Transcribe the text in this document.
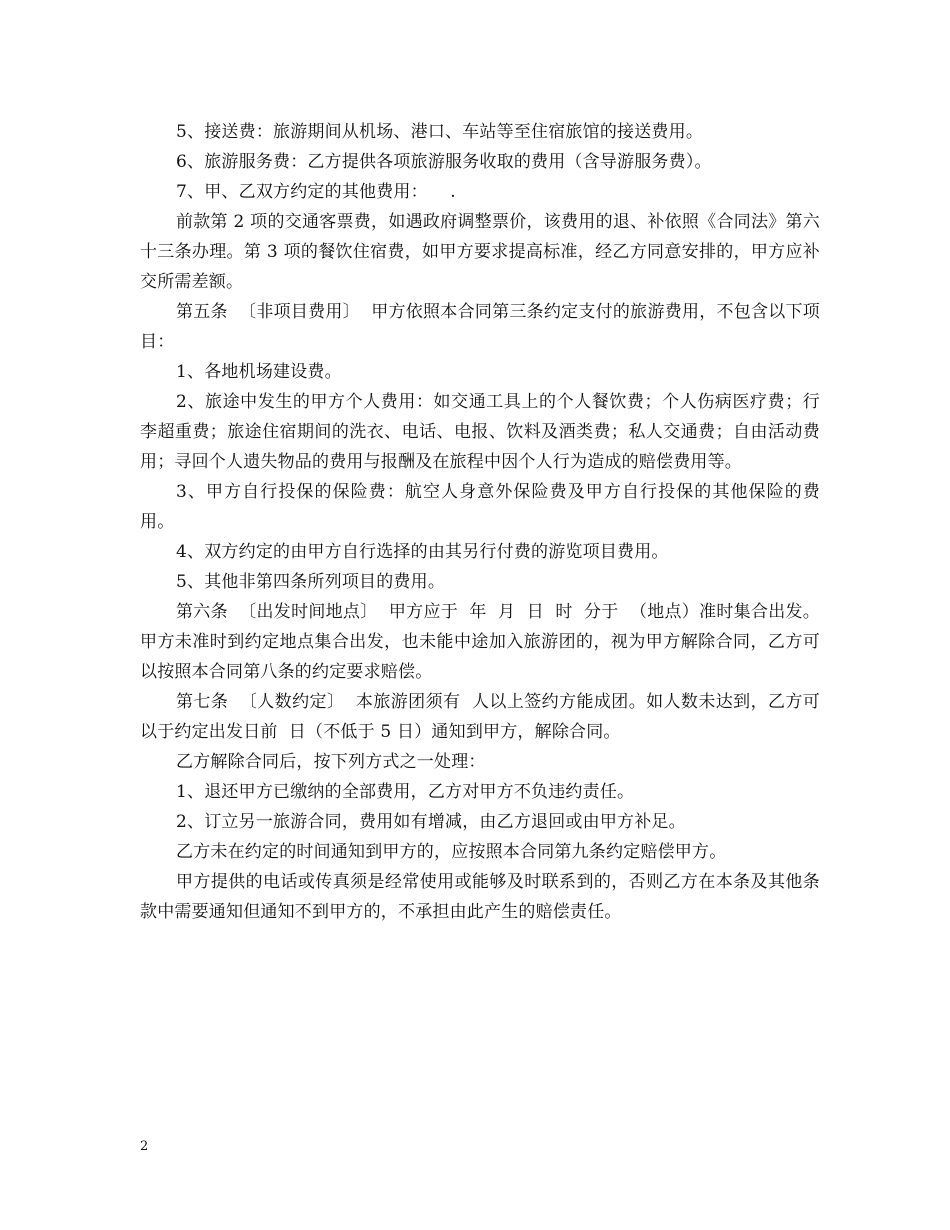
5、接送费：旅游期间从机场、港口、车站等至住宿旅馆的接送费用。

6、旅游服务费：乙方提供各项旅游服务收取的费用（含导游服务费）。

7、甲、乙双方约定的其他费用：    .

前款第 2 项的交通客票费，如遇政府调整票价，该费用的退、补依照《合同法》第六十三条办理。第 3 项的餐饮住宿费，如甲方要求提高标准，经乙方同意安排的，甲方应补交所需差额。

第五条  〔非项目费用〕  甲方依照本合同第三条约定支付的旅游费用，不包含以下项目：

1、各地机场建设费。

2、旅途中发生的甲方个人费用：如交通工具上的个人餐饮费；个人伤病医疗费；行李超重费；旅途住宿期间的洗衣、电话、电报、饮料及酒类费；私人交通费；自由活动费用；寻回个人遗失物品的费用与报酬及在旅程中因个人行为造成的赔偿费用等。

3、甲方自行投保的保险费：航空人身意外保险费及甲方自行投保的其他保险的费用。

4、双方约定的由甲方自行选择的由其另行付费的游览项目费用。

5、其他非第四条所列项目的费用。

第六条  〔出发时间地点〕  甲方应于  年  月  日  时  分于  （地点）准时集合出发。甲方未准时到约定地点集合出发，也未能中途加入旅游团的，视为甲方解除合同，乙方可以按照本合同第八条的约定要求赔偿。

第七条  〔人数约定〕  本旅游团须有  人以上签约方能成团。如人数未达到，乙方可以于约定出发日前  日（不低于 5 日）通知到甲方，解除合同。

乙方解除合同后，按下列方式之一处理：

1、退还甲方已缴纳的全部费用，乙方对甲方不负违约责任。

2、订立另一旅游合同，费用如有增减，由乙方退回或由甲方补足。

乙方未在约定的时间通知到甲方的，应按照本合同第九条约定赔偿甲方。

甲方提供的电话或传真须是经常使用或能够及时联系到的，否则乙方在本条及其他条款中需要通知但通知不到甲方的，不承担由此产生的赔偿责任。

2
